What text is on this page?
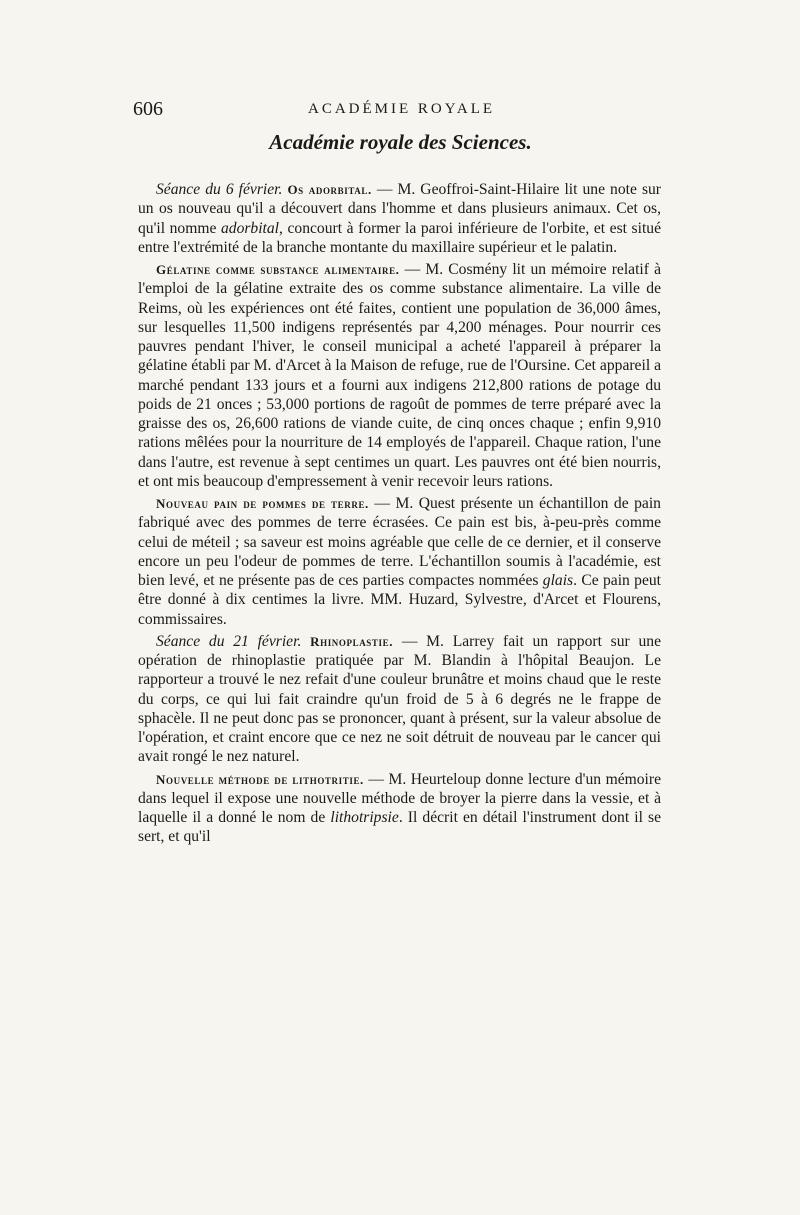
606	ACADÉMIE ROYALE
Académie royale des Sciences.

Séance du 6 février. Os adorbital. — M. Geoffroi-Saint-Hilaire lit une note sur un os nouveau qu'il a découvert dans l'homme et dans plusieurs animaux. Cet os, qu'il nomme adorbital, concourt à former la paroi inférieure de l'orbite, et est situé entre l'extrémité de la branche montante du maxillaire supérieur et le palatin.

Gélatine comme substance alimentaire. — M. Cosmény lit un mémoire relatif à l'emploi de la gélatine extraite des os comme substance alimentaire. La ville de Reims, où les expériences ont été faites, contient une population de 36,000 âmes, sur lesquelles 11,500 indigens représentés par 4,200 ménages. Pour nourrir ces pauvres pendant l'hiver, le conseil municipal a acheté l'appareil à préparer la gélatine établi par M. d'Arcet à la Maison de refuge, rue de l'Oursine. Cet appareil a marché pendant 133 jours et a fourni aux indigens 212,800 rations de potage du poids de 21 onces ; 53,000 portions de ragoût de pommes de terre préparé avec la graisse des os, 26,600 rations de viande cuite, de cinq onces chaque ; enfin 9,910 rations mêlées pour la nourriture de 14 employés de l'appareil. Chaque ration, l'une dans l'autre, est revenue à sept centimes un quart. Les pauvres ont été bien nourris, et ont mis beaucoup d'empressement à venir recevoir leurs rations.

Nouveau pain de pommes de terre. — M. Quest présente un échantillon de pain fabriqué avec des pommes de terre écrasées. Ce pain est bis, à-peu-près comme celui de méteil ; sa saveur est moins agréable que celle de ce dernier, et il conserve encore un peu l'odeur de pommes de terre. L'échantillon soumis à l'académie, est bien levé, et ne présente pas de ces parties compactes nommées glais. Ce pain peut être donné à dix centimes la livre. MM. Huzard, Sylvestre, d'Arcet et Flourens, commissaires.

Séance du 21 février. Rhinoplastie. — M. Larrey fait un rapport sur une opération de rhinoplastie pratiquée par M. Blandin à l'hôpital Beaujon. Le rapporteur a trouvé le nez refait d'une couleur brunâtre et moins chaud que le reste du corps, ce qui lui fait craindre qu'un froid de 5 à 6 degrés ne le frappe de sphacèle. Il ne peut donc pas se prononcer, quant à présent, sur la valeur absolue de l'opération, et craint encore que ce nez ne soit détruit de nouveau par le cancer qui avait rongé le nez naturel.

Nouvelle méthode de lithotritie. — M. Heurteloup donne lecture d'un mémoire dans lequel il expose une nouvelle méthode de broyer la pierre dans la vessie, et à laquelle il a donné le nom de lithotripsie. Il décrit en détail l'instrument dont il se sert, et qu'il
